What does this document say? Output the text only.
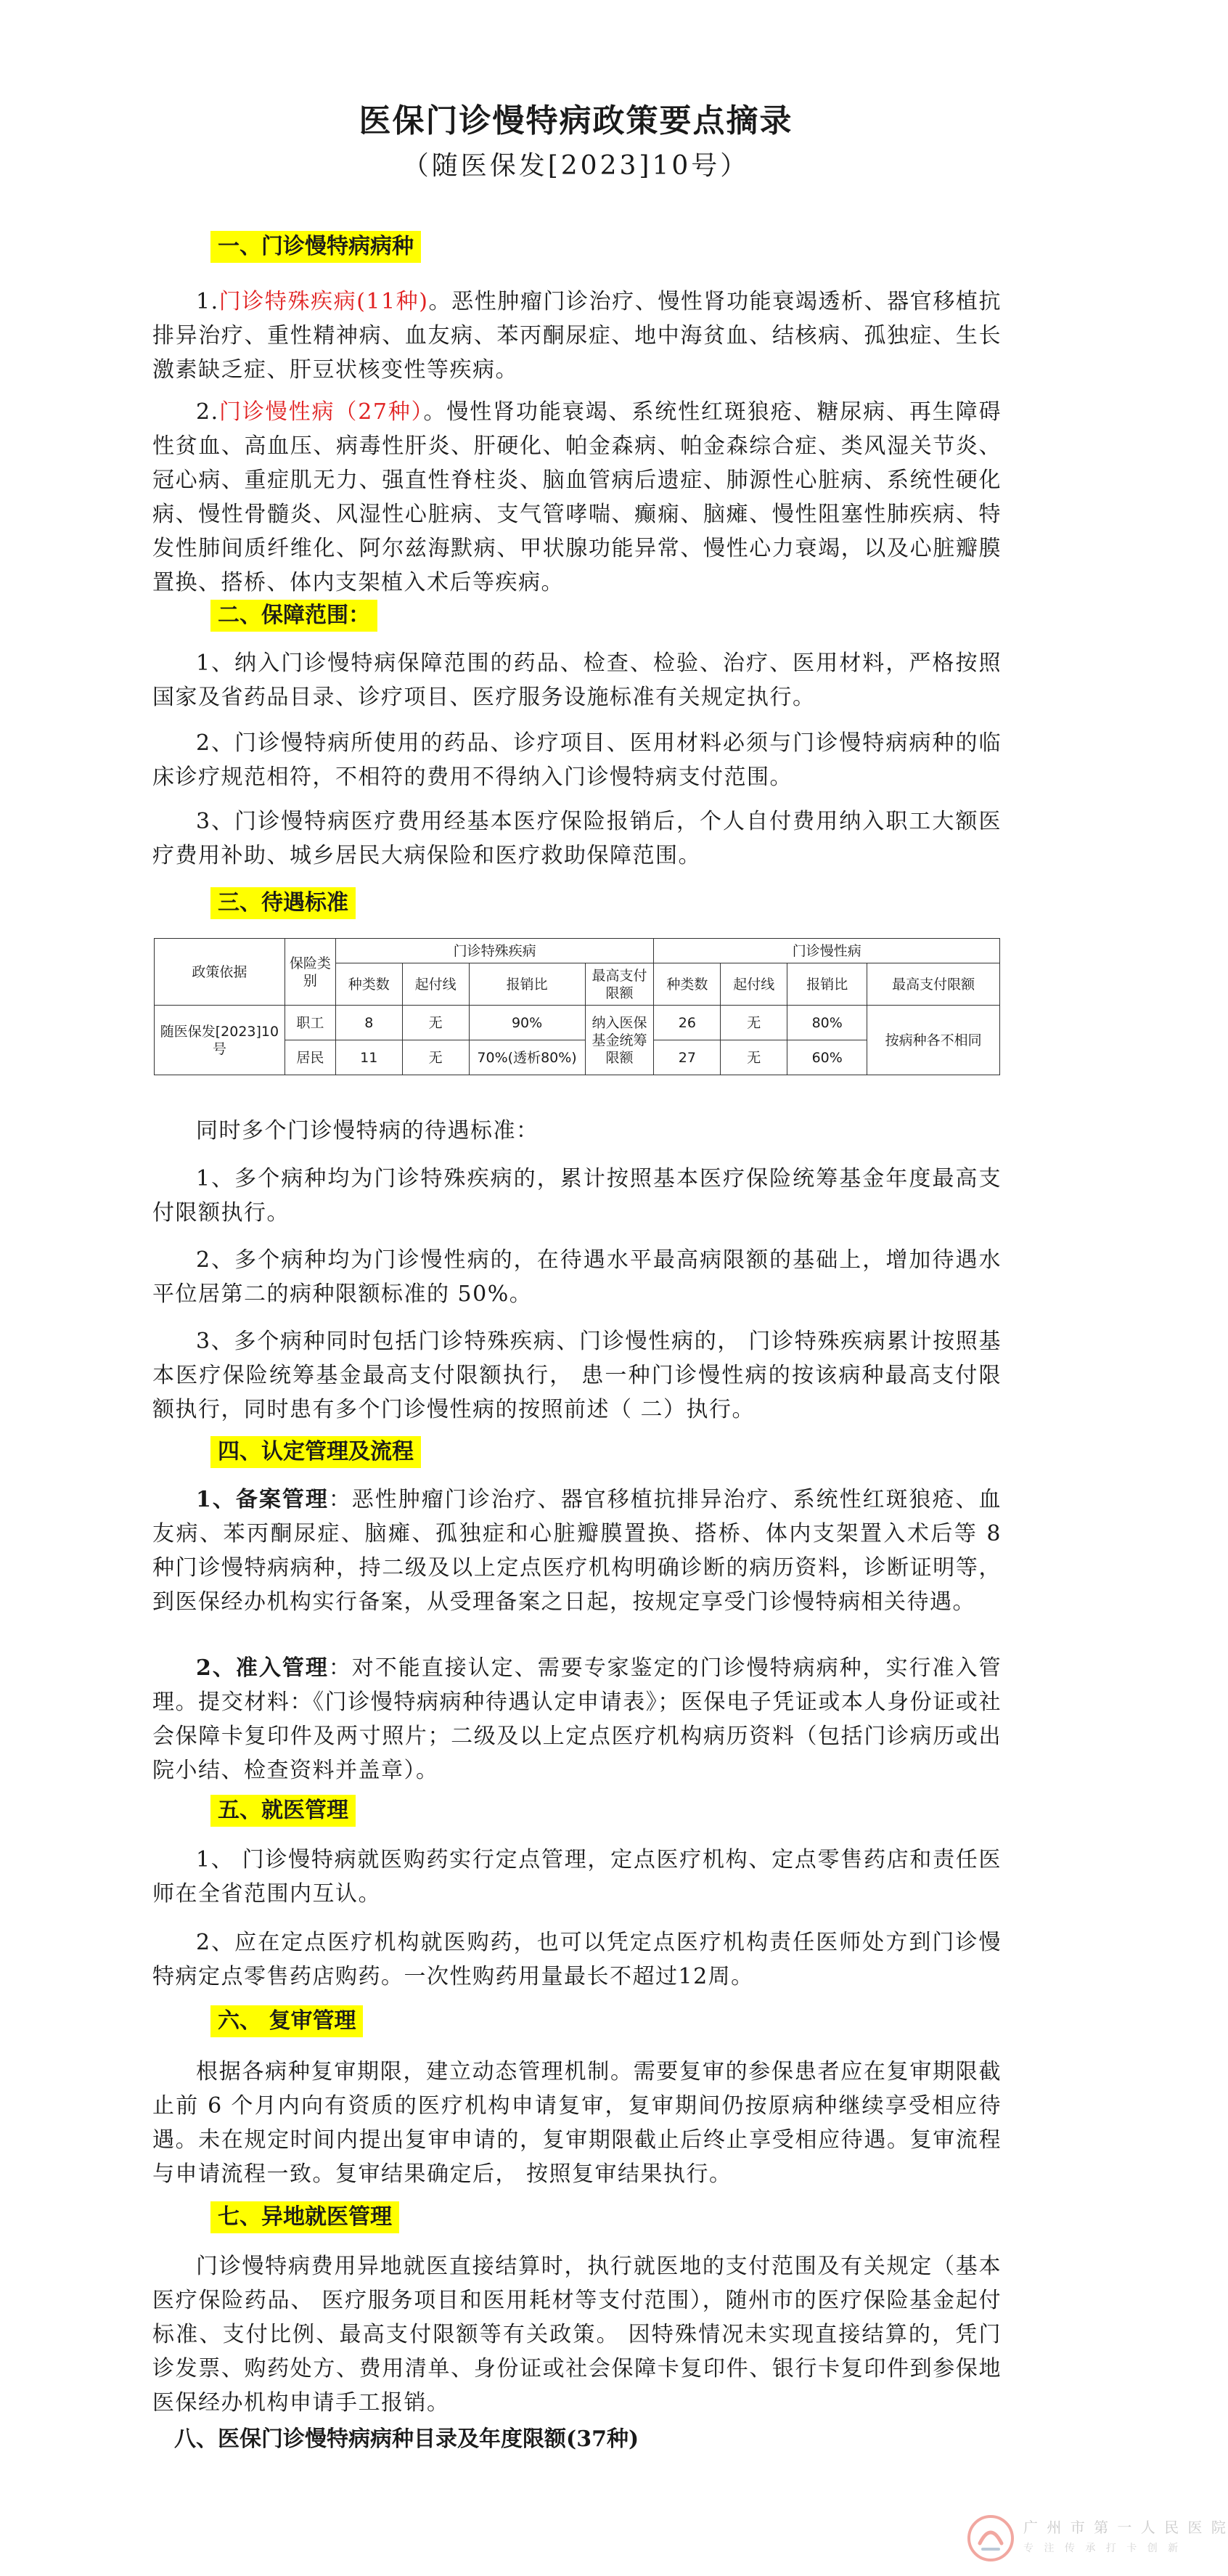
医保门诊慢特病政策要点摘录
（随医保发[2023]10号）
一、门诊慢特病病种
1.门诊特殊疾病(11种)。恶性肿瘤门诊治疗、慢性肾功能衰竭透析、器官移植抗排异治疗、重性精神病、血友病、苯丙酮尿症、地中海贫血、结核病、孤独症、生长激素缺乏症、肝豆状核变性等疾病。
2.门诊慢性病（27种）。慢性肾功能衰竭、系统性红斑狼疮、糖尿病、再生障碍性贫血、高血压、病毒性肝炎、肝硬化、帕金森病、帕金森综合症、类风湿关节炎、冠心病、重症肌无力、强直性脊柱炎、脑血管病后遗症、肺源性心脏病、系统性硬化病、慢性骨髓炎、风湿性心脏病、支气管哮喘、癫痫、脑瘫、慢性阻塞性肺疾病、特发性肺间质纤维化、阿尔兹海默病、甲状腺功能异常、慢性心力衰竭，以及心脏瓣膜置换、搭桥、体内支架植入术后等疾病。
二、保障范围：
1、纳入门诊慢特病保障范围的药品、检查、检验、治疗、医用材料，严格按照国家及省药品目录、诊疗项目、医疗服务设施标准有关规定执行。
2、门诊慢特病所使用的药品、诊疗项目、医用材料必须与门诊慢特病病种的临床诊疗规范相符，不相符的费用不得纳入门诊慢特病支付范围。
3、门诊慢特病医疗费用经基本医疗保险报销后，个人自付费用纳入职工大额医疗费用补助、城乡居民大病保险和医疗救助保障范围。
三、待遇标准
政策依据	保险类别	门诊特殊疾病				门诊慢性病			
		种类数	起付线	报销比	最高支付限额	种类数	起付线	报销比	最高支付限额
随医保发[2023]10号	职工	8	无	90%	纳入医保基金统筹限额	26	无	80%	按病种各不相同
	居民	11	无	70%(透析80%)		27	无	60%	
同时多个门诊慢特病的待遇标准：
1、多个病种均为门诊特殊疾病的，累计按照基本医疗保险统筹基金年度最高支付限额执行。
2、多个病种均为门诊慢性病的，在待遇水平最高病限额的基础上，增加待遇水平位居第二的病种限额标准的 50%。
3、多个病种同时包括门诊特殊疾病、门诊慢性病的， 门诊特殊疾病累计按照基本医疗保险统筹基金最高支付限额执行， 患一种门诊慢性病的按该病种最高支付限额执行，同时患有多个门诊慢性病的按照前述（ 二）执行。
四、认定管理及流程
1、备案管理：恶性肿瘤门诊治疗、器官移植抗排异治疗、系统性红斑狼疮、血友病、苯丙酮尿症、脑瘫、孤独症和心脏瓣膜置换、搭桥、体内支架置入术后等 8 种门诊慢特病病种，持二级及以上定点医疗机构明确诊断的病历资料，诊断证明等，到医保经办机构实行备案，从受理备案之日起，按规定享受门诊慢特病相关待遇。
2、准入管理：对不能直接认定、需要专家鉴定的门诊慢特病病种，实行准入管理。提交材料：《门诊慢特病病种待遇认定申请表》；医保电子凭证或本人身份证或社会保障卡复印件及两寸照片；二级及以上定点医疗机构病历资料（包括门诊病历或出院小结、检查资料并盖章）。
五、就医管理
1、 门诊慢特病就医购药实行定点管理，定点医疗机构、定点零售药店和责任医师在全省范围内互认。
2、应在定点医疗机构就医购药，也可以凭定点医疗机构责任医师处方到门诊慢特病定点零售药店购药。一次性购药用量最长不超过12周。
六、 复审管理
根据各病种复审期限，建立动态管理机制。需要复审的参保患者应在复审期限截止前 6 个月内向有资质的医疗机构申请复审，复审期间仍按原病种继续享受相应待遇。未在规定时间内提出复审申请的，复审期限截止后终止享受相应待遇。复审流程与申请流程一致。复审结果确定后， 按照复审结果执行。
七、异地就医管理
门诊慢特病费用异地就医直接结算时，执行就医地的支付范围及有关规定（基本医疗保险药品、 医疗服务项目和医用耗材等支付范围），随州市的医疗保险基金起付标准、支付比例、最高支付限额等有关政策。 因特殊情况未实现直接结算的，凭门诊发票、购药处方、费用清单、身份证或社会保障卡复印件、银行卡复印件到参保地医保经办机构申请手工报销。
八、医保门诊慢特病病种目录及年度限额(37种)
广 州 市 第 一 人 民 医 院
专 注 传 承 打 卡 创 新
